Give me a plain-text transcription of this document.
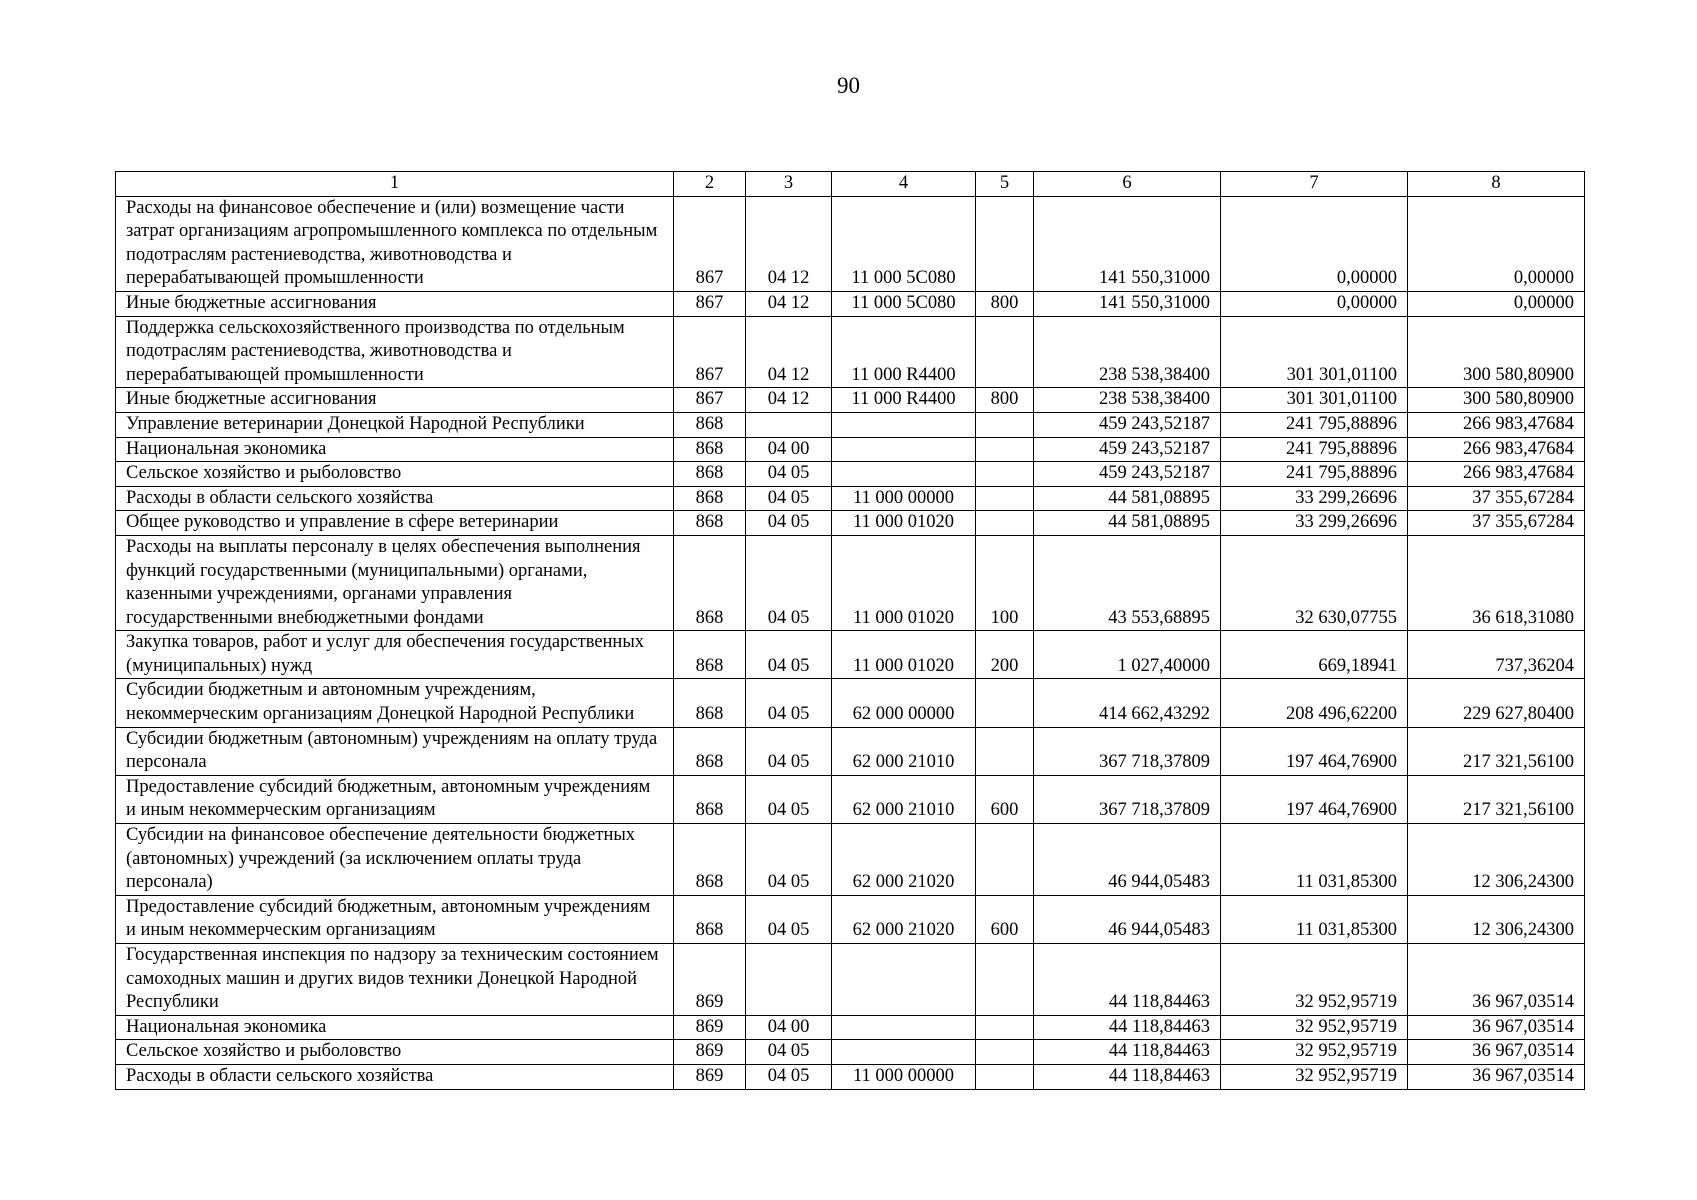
90
1	2	3	4	5	6	7	8
Расходы на финансовое обеспечение и (или) возмещение части затрат организациям агропромышленного комплекса по отдельным подотраслям растениеводства, животноводства и перерабатывающей промышленности	867	04 12	11 000 5С080		141 550,31000	0,00000	0,00000
Иные бюджетные ассигнования	867	04 12	11 000 5С080	800	141 550,31000	0,00000	0,00000
Поддержка сельскохозяйственного производства по отдельным подотраслям растениеводства, животноводства и перерабатывающей промышленности	867	04 12	11 000 R4400		238 538,38400	301 301,01100	300 580,80900
Иные бюджетные ассигнования	867	04 12	11 000 R4400	800	238 538,38400	301 301,01100	300 580,80900
Управление ветеринарии Донецкой Народной Республики	868				459 243,52187	241 795,88896	266 983,47684
Национальная экономика	868	04 00			459 243,52187	241 795,88896	266 983,47684
Сельское хозяйство и рыболовство	868	04 05			459 243,52187	241 795,88896	266 983,47684
Расходы в области сельского хозяйства	868	04 05	11 000 00000		44 581,08895	33 299,26696	37 355,67284
Общее руководство и управление в сфере ветеринарии	868	04 05	11 000 01020		44 581,08895	33 299,26696	37 355,67284
Расходы на выплаты персоналу в целях обеспечения выполнения функций государственными (муниципальными) органами, казенными учреждениями, органами управления государственными внебюджетными фондами	868	04 05	11 000 01020	100	43 553,68895	32 630,07755	36 618,31080
Закупка товаров, работ и услуг для обеспечения государственных (муниципальных) нужд	868	04 05	11 000 01020	200	1 027,40000	669,18941	737,36204
Субсидии бюджетным и автономным учреждениям, некоммерческим организациям Донецкой Народной Республики	868	04 05	62 000 00000		414 662,43292	208 496,62200	229 627,80400
Субсидии бюджетным (автономным) учреждениям на оплату труда персонала	868	04 05	62 000 21010		367 718,37809	197 464,76900	217 321,56100
Предоставление субсидий бюджетным, автономным учреждениям и иным некоммерческим организациям	868	04 05	62 000 21010	600	367 718,37809	197 464,76900	217 321,56100
Субсидии на финансовое обеспечение деятельности бюджетных (автономных) учреждений (за исключением оплаты труда персонала)	868	04 05	62 000 21020		46 944,05483	11 031,85300	12 306,24300
Предоставление субсидий бюджетным, автономным учреждениям и иным некоммерческим организациям	868	04 05	62 000 21020	600	46 944,05483	11 031,85300	12 306,24300
Государственная инспекция по надзору за техническим состоянием самоходных машин и других видов техники Донецкой Народной Республики	869				44 118,84463	32 952,95719	36 967,03514
Национальная экономика	869	04 00			44 118,84463	32 952,95719	36 967,03514
Сельское хозяйство и рыболовство	869	04 05			44 118,84463	32 952,95719	36 967,03514
Расходы в области сельского хозяйства	869	04 05	11 000 00000		44 118,84463	32 952,95719	36 967,03514
